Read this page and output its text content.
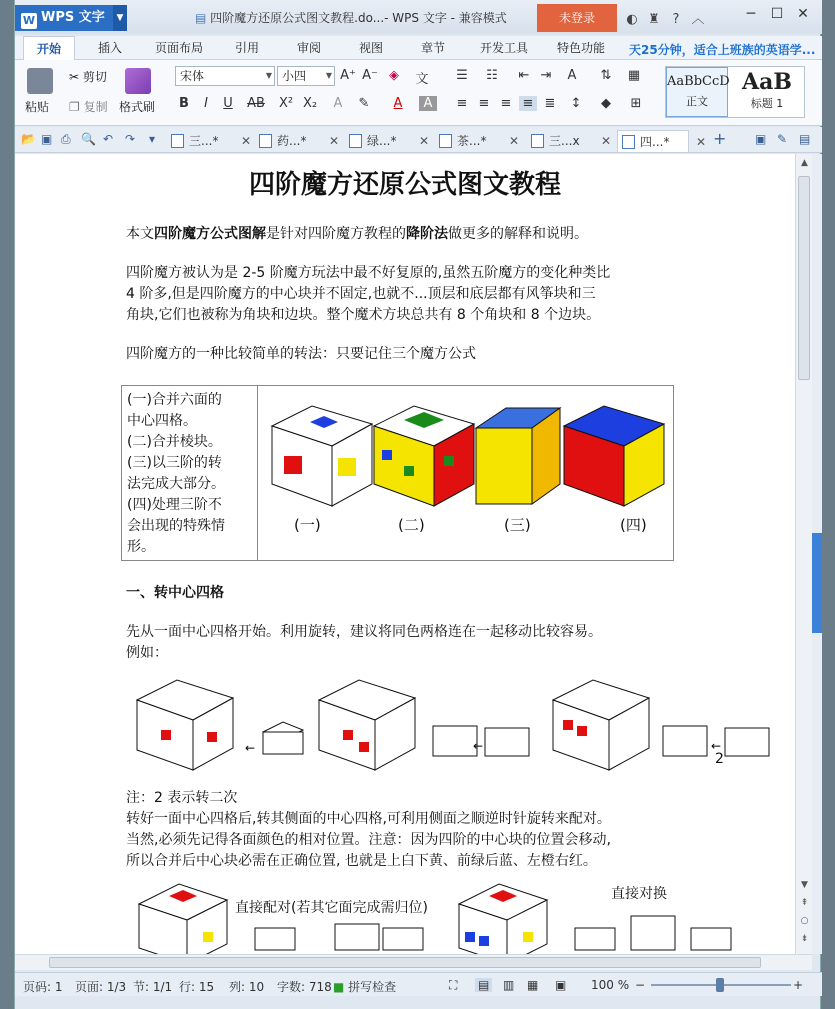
W WPS 文字	▼	▤ 四阶魔方还原公式图文教程.do...- WPS 文字 - 兼容模式	未登录	◐ ♜ ? ︿	─ ☐ ✕
开始	插入	页面布局	引用	审阅	视图	章节	开发工具	特色功能	天25分钟，适合上班族的英语学...
粘贴
✂ 剪切
❐ 复制 格式刷
宋体	▼ 小四 ▼ A⁺ A⁻ ◈	文
B	I	U	AB X² X₂	A	✎	A	A
☰ ☷ ⇤ ⇥	A	⇅ ▦
≡ ≡ ≡ ≡ ≣ ↕	◆	⊞
AaBbCcD
正文
AaB
标题 1
📂 ▣ ⎙ 🔍 ↶ ↷ ▾	三...* ✕	药...* ✕	绿...* ✕	茶...* ✕	三...x ✕	四...* ✕ + ▣ ✎ ▤
四阶魔方还原公式图文教程
本文四阶魔方公式图解是针对四阶魔方教程的降阶法做更多的解释和说明。
四阶魔方被认为是 2-5 阶魔方玩法中最不好复原的,虽然五阶魔方的变化种类比
4 阶多,但是四阶魔方的中心块并不固定,也就不...顶层和底层都有风筝块和三
角块,它们也被称为角块和边块。整个魔术方块总共有 8 个角块和 8 个边块。
四阶魔方的一种比较简单的转法：只要记住三个魔方公式
(一)合并六面的
中心四格。
(二)合并棱块。
(三)以三阶的转
法完成大部分。
(四)处理三阶不
会出现的特殊情
形。
(一)	(二)	(三)	(四)
一、转中心四格
先从一面中心四格开始。利用旋转，建议将同色两格连在一起移动比较容易。
例如：
←	←	←
2
注：2 表示转二次
转好一面中心四格后,转其侧面的中心四格,可利用侧面之顺逆时针旋转来配对。
当然,必须先记得各面颜色的相对位置。注意：因为四阶的中心块的位置会移动,
所以合并后中心块必需在正确位置, 也就是上白下黄、前绿后蓝、左橙右红。
直接配对(若其它面完成需归位)
直接对换
▲
▼
⇞
○
⇟
页码: 1 页面: 1/3 节: 1/1 行: 15 列: 10 字数: 718 ■ 拼写检查	⛶ ▤ ▥ ▦ ▣ 100 % −	+
